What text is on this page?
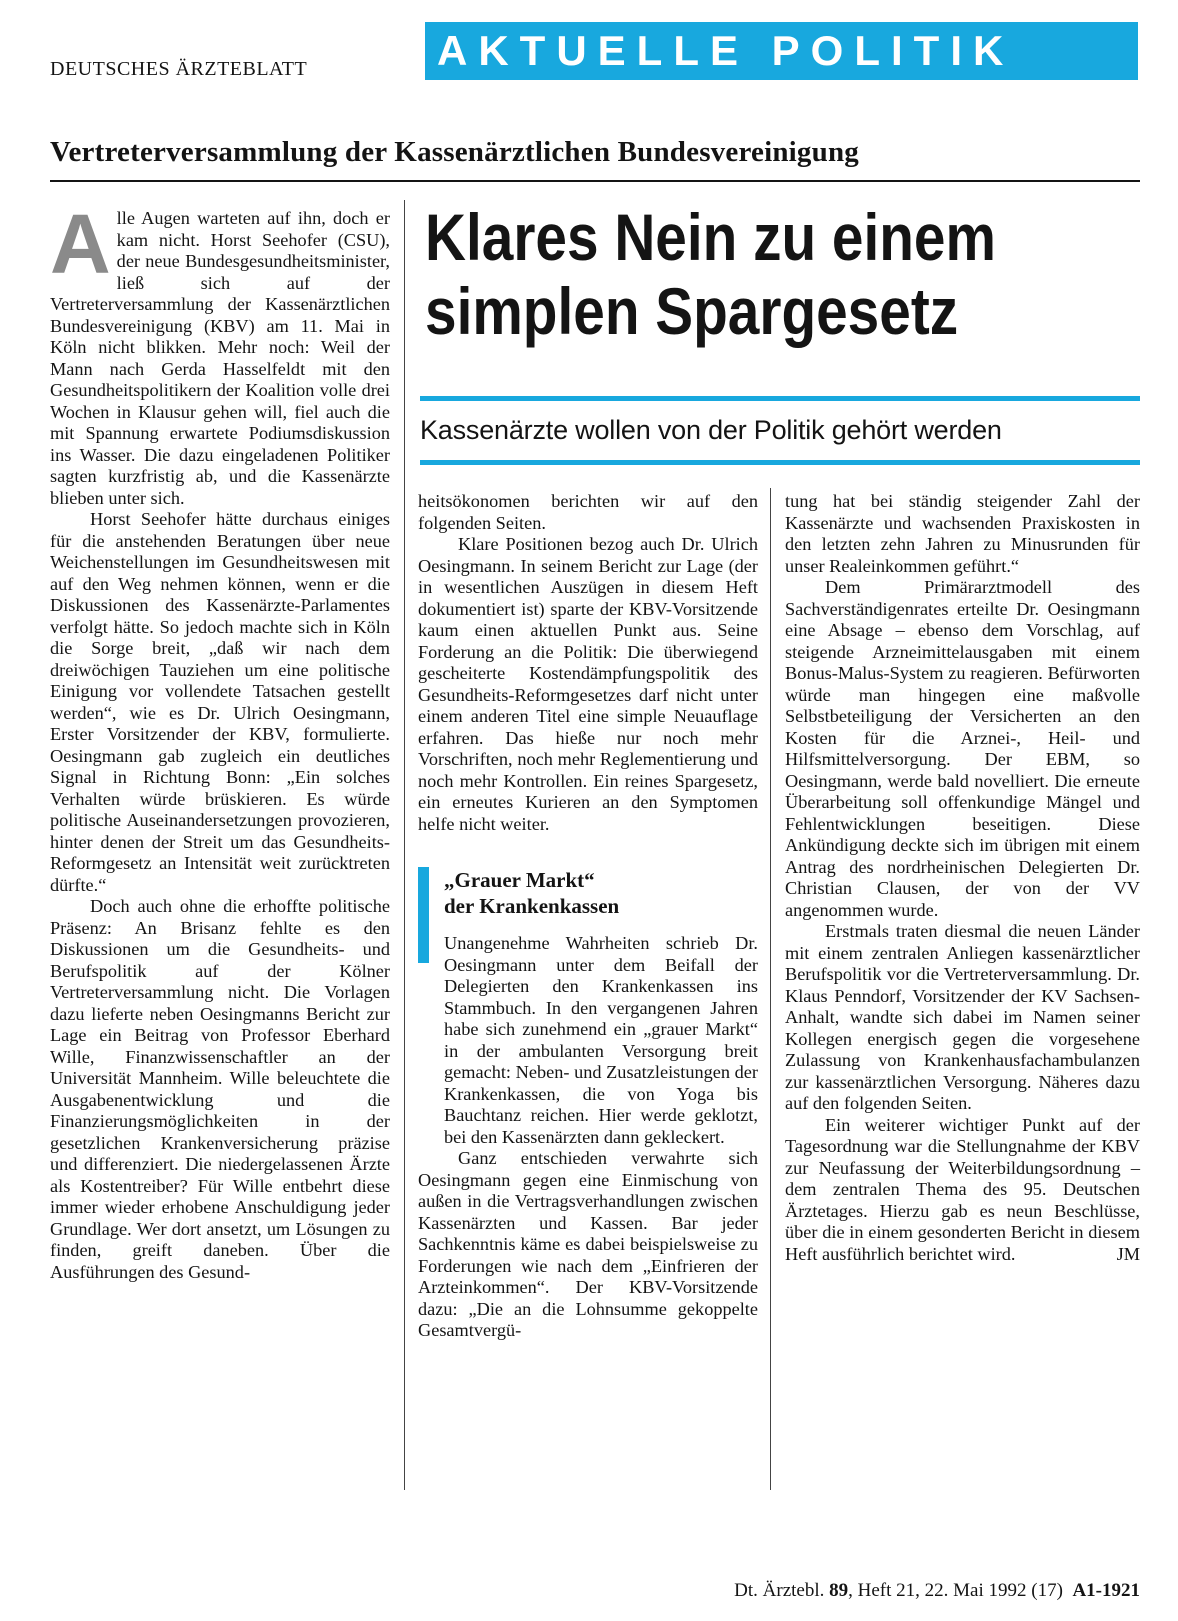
DEUTSCHES ÄRZTEBLATT	AKTUELLE POLITIK
Vertreterversammlung der Kassenärztlichen Bundesvereinigung
Klares Nein zu einem
simplen Spargesetz
Kassenärzte wollen von der Politik gehört werden

Alle Augen warteten auf ihn, doch er kam nicht. Horst Seehofer (CSU), der neue Bundesgesundheitsminister, ließ sich auf der Vertreterversammlung der Kassenärztlichen Bundesvereinigung (KBV) am 11. Mai in Köln nicht blikken. Mehr noch: Weil der Mann nach Gerda Hasselfeldt mit den Gesundheitspolitikern der Koalition volle drei Wochen in Klausur gehen will, fiel auch die mit Spannung erwartete Podiumsdiskussion ins Wasser. Die dazu eingeladenen Politiker sagten kurzfristig ab, und die Kassenärzte blieben unter sich.

Horst Seehofer hätte durchaus einiges für die anstehenden Beratungen über neue Weichenstellungen im Gesundheitswesen mit auf den Weg nehmen können, wenn er die Diskussionen des Kassenärzte-Parlamentes verfolgt hätte. So jedoch machte sich in Köln die Sorge breit, „daß wir nach dem dreiwöchigen Tauziehen um eine politische Einigung vor vollendete Tatsachen gestellt werden“, wie es Dr. Ulrich Oesingmann, Erster Vorsitzender der KBV, formulierte. Oesingmann gab zugleich ein deutliches Signal in Richtung Bonn: „Ein solches Verhalten würde brüskieren. Es würde politische Auseinandersetzungen provozieren, hinter denen der Streit um das Gesundheits-Reformgesetz an Intensität weit zurücktreten dürfte.“

Doch auch ohne die erhoffte politische Präsenz: An Brisanz fehlte es den Diskussionen um die Gesundheits- und Berufspolitik auf der Kölner Vertreterversammlung nicht. Die Vorlagen dazu lieferte neben Oesingmanns Bericht zur Lage ein Beitrag von Professor Eberhard Wille, Finanzwissenschaftler an der Universität Mannheim. Wille beleuchtete die Ausgabenentwicklung und die Finanzierungsmöglichkeiten in der gesetzlichen Krankenversicherung präzise und differenziert. Die niedergelassenen Ärzte als Kostentreiber? Für Wille entbehrt diese immer wieder erhobene Anschuldigung jeder Grundlage. Wer dort ansetzt, um Lösungen zu finden, greift daneben. Über die Ausführungen des Gesund-

heitsökonomen berichten wir auf den folgenden Seiten.

Klare Positionen bezog auch Dr. Ulrich Oesingmann. In seinem Bericht zur Lage (der in wesentlichen Auszügen in diesem Heft dokumentiert ist) sparte der KBV-Vorsitzende kaum einen aktuellen Punkt aus. Seine Forderung an die Politik: Die überwiegend gescheiterte Kostendämpfungspolitik des Gesundheits-Reformgesetzes darf nicht unter einem anderen Titel eine simple Neuauflage erfahren. Das hieße nur noch mehr Vorschriften, noch mehr Reglementierung und noch mehr Kontrollen. Ein reines Spargesetz, ein erneutes Kurieren an den Symptomen helfe nicht weiter.

„Grauer Markt“
der Krankenkassen

Unangenehme Wahrheiten schrieb Dr. Oesingmann unter dem Beifall der Delegierten den Krankenkassen ins Stammbuch. In den vergangenen Jahren habe sich zunehmend ein „grauer Markt“ in der ambulanten Versorgung breit gemacht: Neben- und Zusatzleistungen der Krankenkassen, die von Yoga bis Bauchtanz reichen. Hier werde geklotzt, bei den Kassenärzten dann gekleckert.

Ganz entschieden verwahrte sich Oesingmann gegen eine Einmischung von außen in die Vertragsverhandlungen zwischen Kassenärzten und Kassen. Bar jeder Sachkenntnis käme es dabei beispielsweise zu Forderungen wie nach dem „Einfrieren der Arzteinkommen“. Der KBV-Vorsitzende dazu: „Die an die Lohnsumme gekoppelte Gesamtvergü-

tung hat bei ständig steigender Zahl der Kassenärzte und wachsenden Praxiskosten in den letzten zehn Jahren zu Minusrunden für unser Realeinkommen geführt.“

Dem Primärarztmodell des Sachverständigenrates erteilte Dr. Oesingmann eine Absage – ebenso dem Vorschlag, auf steigende Arzneimittelausgaben mit einem Bonus-Malus-System zu reagieren. Befürworten würde man hingegen eine maßvolle Selbstbeteiligung der Versicherten an den Kosten für die Arznei-, Heil- und Hilfsmittelversorgung. Der EBM, so Oesingmann, werde bald novelliert. Die erneute Überarbeitung soll offenkundige Mängel und Fehlentwicklungen beseitigen. Diese Ankündigung deckte sich im übrigen mit einem Antrag des nordrheinischen Delegierten Dr. Christian Clausen, der von der VV angenommen wurde.

Erstmals traten diesmal die neuen Länder mit einem zentralen Anliegen kassenärztlicher Berufspolitik vor die Vertreterversammlung. Dr. Klaus Penndorf, Vorsitzender der KV Sachsen-Anhalt, wandte sich dabei im Namen seiner Kollegen energisch gegen die vorgesehene Zulassung von Krankenhausfachambulanzen zur kassenärztlichen Versorgung. Näheres dazu auf den folgenden Seiten.

Ein weiterer wichtiger Punkt auf der Tagesordnung war die Stellungnahme der KBV zur Neufassung der Weiterbildungsordnung – dem zentralen Thema des 95. Deutschen Ärztetages. Hierzu gab es neun Beschlüsse, über die in einem gesonderten Bericht in diesem Heft ausführlich berichtet wird.	JM

Dt. Ärztebl. 89, Heft 21, 22. Mai 1992 (17) A1-1921
